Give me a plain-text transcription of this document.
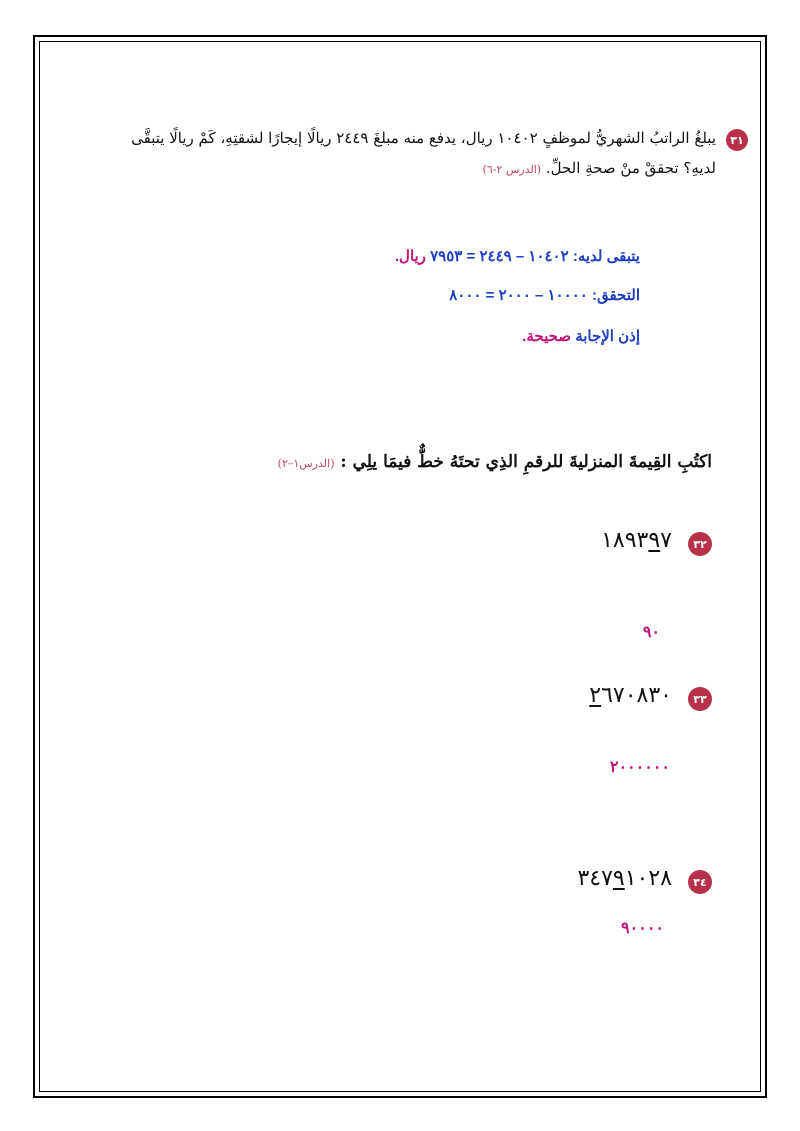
٣١
يبلغُ الراتبُ الشهريُّ لموظفٍ ١٠٤٠٢ ريال، يدفع منه مبلغَ ٢٤٤٩ ريالًا إيجارًا لشقتِهِ، كَمْ ريالًا يتبقَّى لديهِ؟ تحققْ منْ صحةِ الحلِّ. (الدرس ٢-٦)
يتبقى لديه: ١٠٤٠٢ – ٢٤٤٩ = ٧٩٥٣ ريال.
التحقق: ١٠٠٠٠ – ٢٠٠٠ = ٨٠٠٠
إذن الإجابة صحيحة.
اكتُبِ القِيمةَ المنزليةَ للرقمِ الذِي تحتَهُ خطٌّ فيمَا يلِي : (الدرس١–٢)
٣٢
١٨٩٣٩٧
٩٠
٣٣
٢٦٧٠٨٣٠
٢٠٠٠٠٠٠
٣٤
٣٤٧٩١٠٢٨
٩٠٠٠٠
